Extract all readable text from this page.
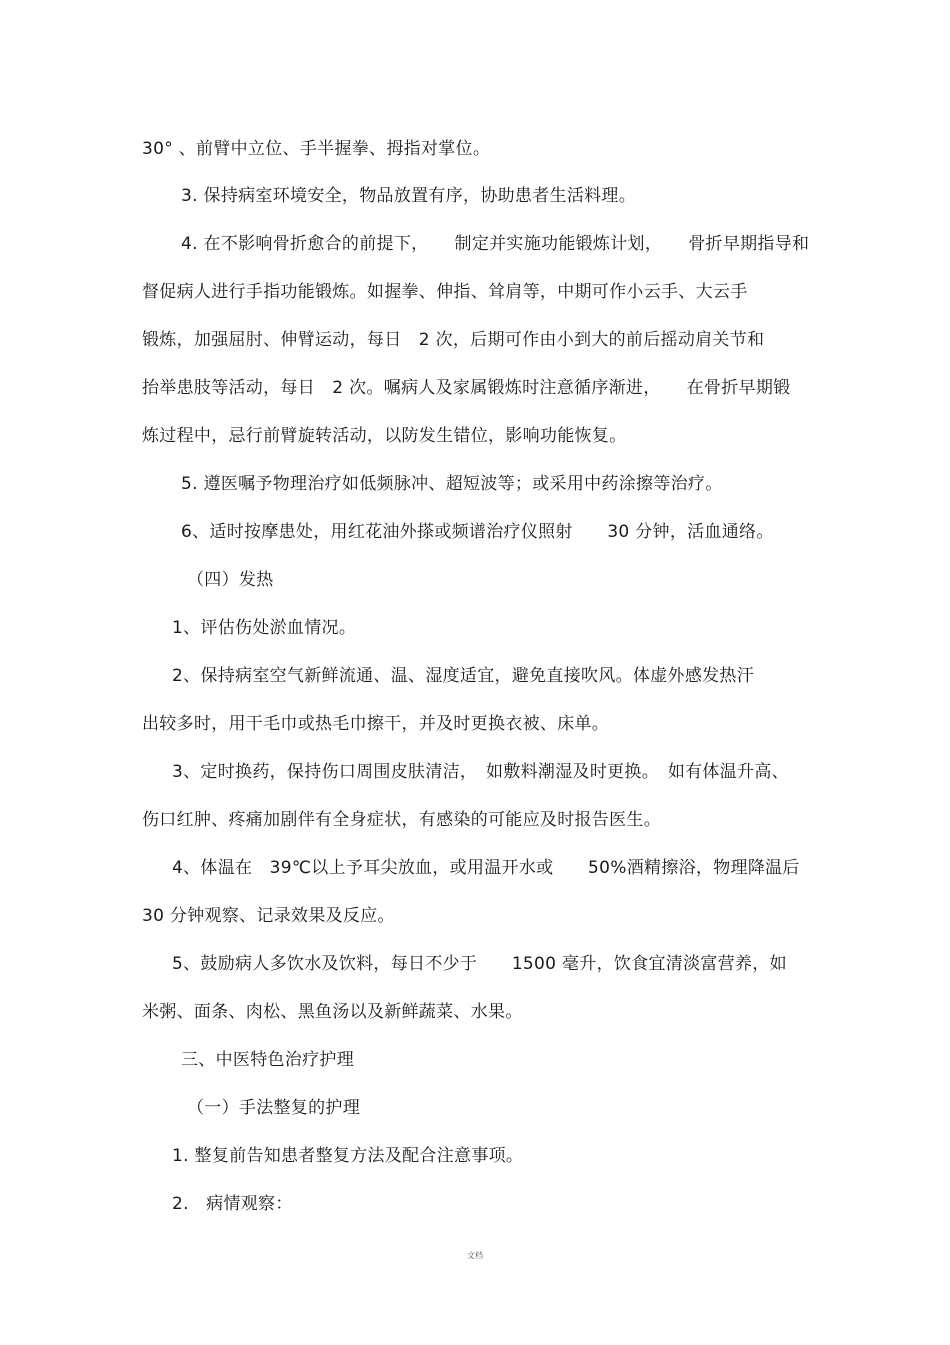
30° 、前臂中立位、手半握拳、拇指对掌位。
3. 保持病室环境安全，物品放置有序，协助患者生活料理。
4. 在不影响骨折愈合的前提下，　　制定并实施功能锻炼计划，　　骨折早期指导和
督促病人进行手指功能锻炼。如握拳、伸指、耸肩等，中期可作小云手、大云手
锻炼，加强屈肘、伸臂运动，每日　2 次，后期可作由小到大的前后摇动肩关节和
抬举患肢等活动，每日　2 次。嘱病人及家属锻炼时注意循序渐进，　　在骨折早期锻
炼过程中，忌行前臂旋转活动，以防发生错位，影响功能恢复。
5. 遵医嘱予物理治疗如低频脉冲、超短波等；或采用中药涂擦等治疗。
6、适时按摩患处，用红花油外搽或频谱治疗仪照射　　30 分钟，活血通络。
（四）发热
1、评估伤处淤血情况。
2、保持病室空气新鲜流通、温、湿度适宜，避免直接吹风。体虚外感发热汗
出较多时，用干毛巾或热毛巾擦干，并及时更换衣被、床单。
3、定时换药，保持伤口周围皮肤清洁，　如敷料潮湿及时更换。　如有体温升高、
伤口红肿、疼痛加剧伴有全身症状，有感染的可能应及时报告医生。
4、体温在　39℃以上予耳尖放血，或用温开水或　　50%酒精擦浴，物理降温后
30 分钟观察、记录效果及反应。
5、鼓励病人多饮水及饮料，每日不少于　　1500 毫升，饮食宜清淡富营养，如
米粥、面条、肉松、黑鱼汤以及新鲜蔬菜、水果。
三、中医特色治疗护理
（一）手法整复的护理
1. 整复前告知患者整复方法及配合注意事项。
2.　病情观察：
文档
